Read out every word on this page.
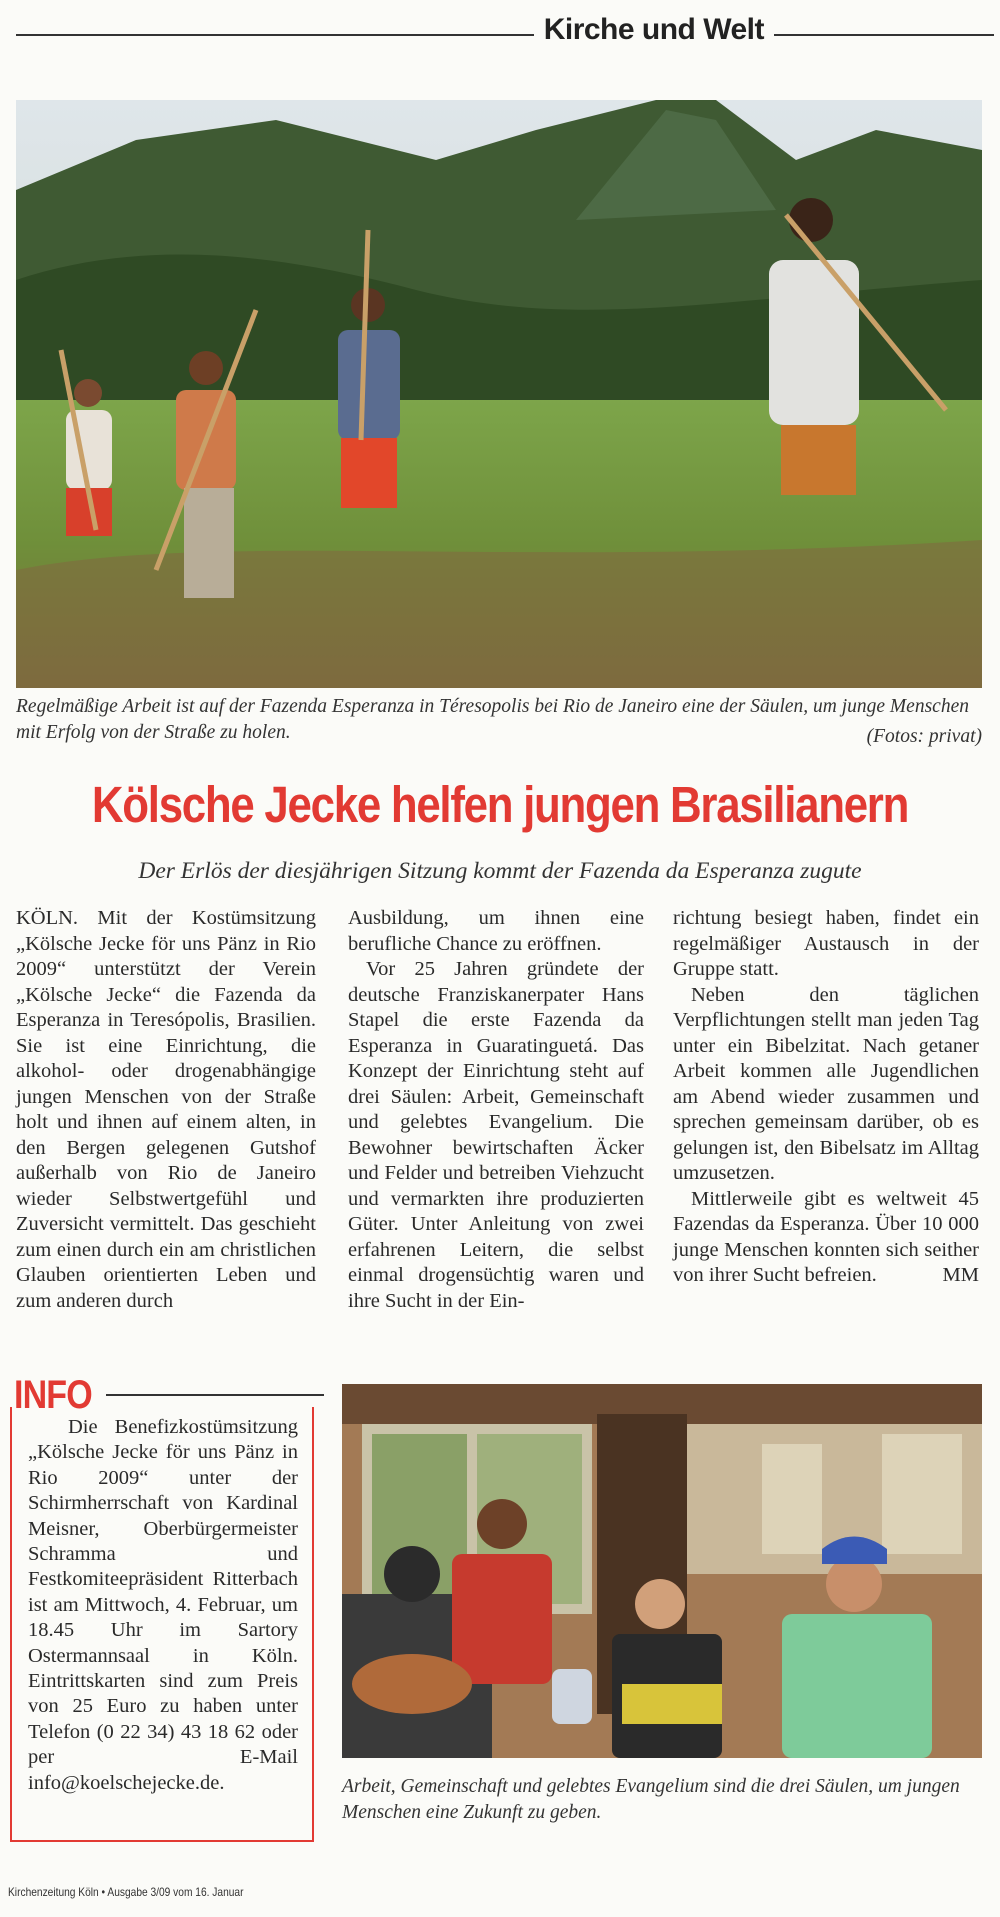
Kirche und Welt
Regelmäßige Arbeit ist auf der Fazenda Esperanza in Téresopolis bei Rio de Janeiro eine der Säulen, um junge Menschen mit Erfolg von der Straße zu holen.	(Fotos: privat)
Kölsche Jecke helfen jungen Brasilianern

Der Erlös der diesjährigen Sitzung kommt der Fazenda da Esperanza zugute

KÖLN. Mit der Kostümsitzung „Kölsche Jecke för uns Pänz in Rio 2009“ unterstützt der Verein „Kölsche Jecke“ die Fazenda da Esperanza in Teresópolis, Brasilien. Sie ist eine Einrichtung, die alkohol- oder drogenabhängige jungen Menschen von der Straße holt und ihnen auf einem alten, in den Bergen gelegenen Gutshof außerhalb von Rio de Janeiro wieder Selbstwertgefühl und Zuversicht vermittelt. Das geschieht zum einen durch ein am christlichen Glauben orientierten Leben und zum anderen durch

Ausbildung, um ihnen eine berufliche Chance zu eröffnen.

Vor 25 Jahren gründete der deutsche Franziskanerpater Hans Stapel die erste Fazenda da Esperanza in Guaratinguetá. Das Konzept der Einrichtung steht auf drei Säulen: Arbeit, Gemeinschaft und gelebtes Evangelium. Die Bewohner bewirtschaften Äcker und Felder und betreiben Viehzucht und vermarkten ihre produzierten Güter. Unter Anleitung von zwei erfahrenen Leitern, die selbst einmal drogensüchtig waren und ihre Sucht in der Ein-

richtung besiegt haben, findet ein regelmäßiger Austausch in der Gruppe statt.

Neben den täglichen Verpflichtungen stellt man jeden Tag unter ein Bibelzitat. Nach getaner Arbeit kommen alle Jugendlichen am Abend wieder zusammen und sprechen gemeinsam darüber, ob es gelungen ist, den Bibelsatz im Alltag umzusetzen.

Mittlerweile gibt es weltweit 45 Fazendas da Esperanza. Über 10 000 junge Menschen konnten sich seither von ihrer Sucht befreien.	MM

INFO

Die Benefizkostümsitzung „Kölsche Jecke för uns Pänz in Rio 2009“ unter der Schirmherrschaft von Kardinal Meisner, Oberbürgermeister Schramma und Festkomiteepräsident Ritterbach ist am Mittwoch, 4. Februar, um 18.45 Uhr im Sartory Ostermannsaal in Köln. Eintrittskarten sind zum Preis von 25 Euro zu haben unter Telefon (0 22 34) 43 18 62 oder per E-Mail info@koelschejecke.de.	Arbeit, Gemeinschaft und gelebtes Evangelium sind die drei Säulen, um jungen Menschen eine Zukunft zu geben.
Kirchenzeitung Köln • Ausgabe 3/09 vom 16. Januar
